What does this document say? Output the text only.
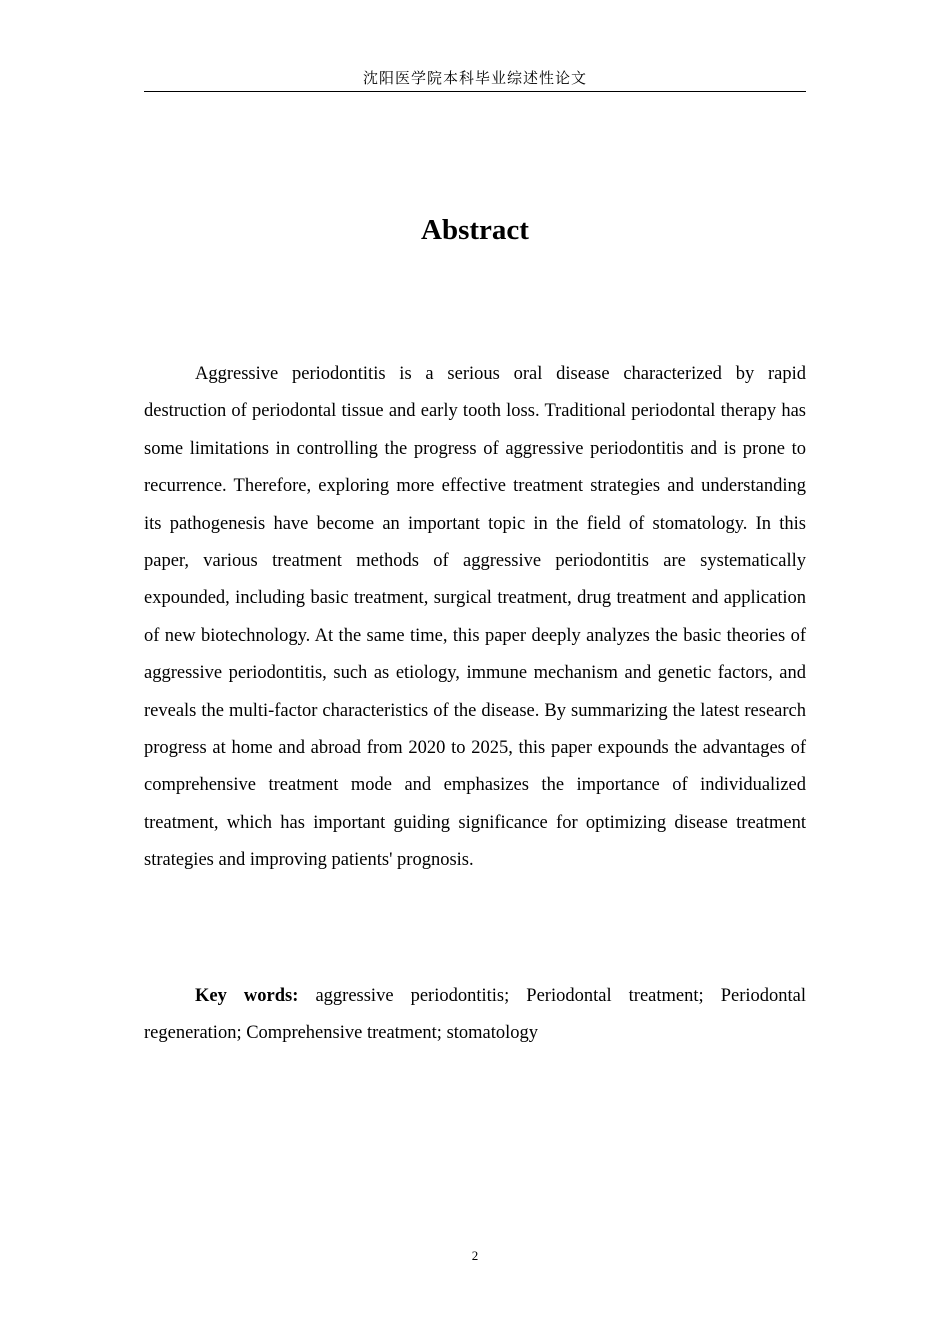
沈阳医学院本科毕业综述性论文
Abstract

Aggressive periodontitis is a serious oral disease characterized by rapid destruction of periodontal tissue and early tooth loss. Traditional periodontal therapy has some limitations in controlling the progress of aggressive periodontitis and is prone to recurrence. Therefore, exploring more effective treatment strategies and understanding its pathogenesis have become an important topic in the field of stomatology. In this paper, various treatment methods of aggressive periodontitis are systematically expounded, including basic treatment, surgical treatment, drug treatment and application of new biotechnology. At the same time, this paper deeply analyzes the basic theories of aggressive periodontitis, such as etiology, immune mechanism and genetic factors, and reveals the multi-factor characteristics of the disease. By summarizing the latest research progress at home and abroad from 2020 to 2025, this paper expounds the advantages of comprehensive treatment mode and emphasizes the importance of individualized treatment, which has important guiding significance for optimizing disease treatment strategies and improving patients' prognosis.

Key words: aggressive periodontitis; Periodontal treatment; Periodontal regeneration; Comprehensive treatment; stomatology

2
